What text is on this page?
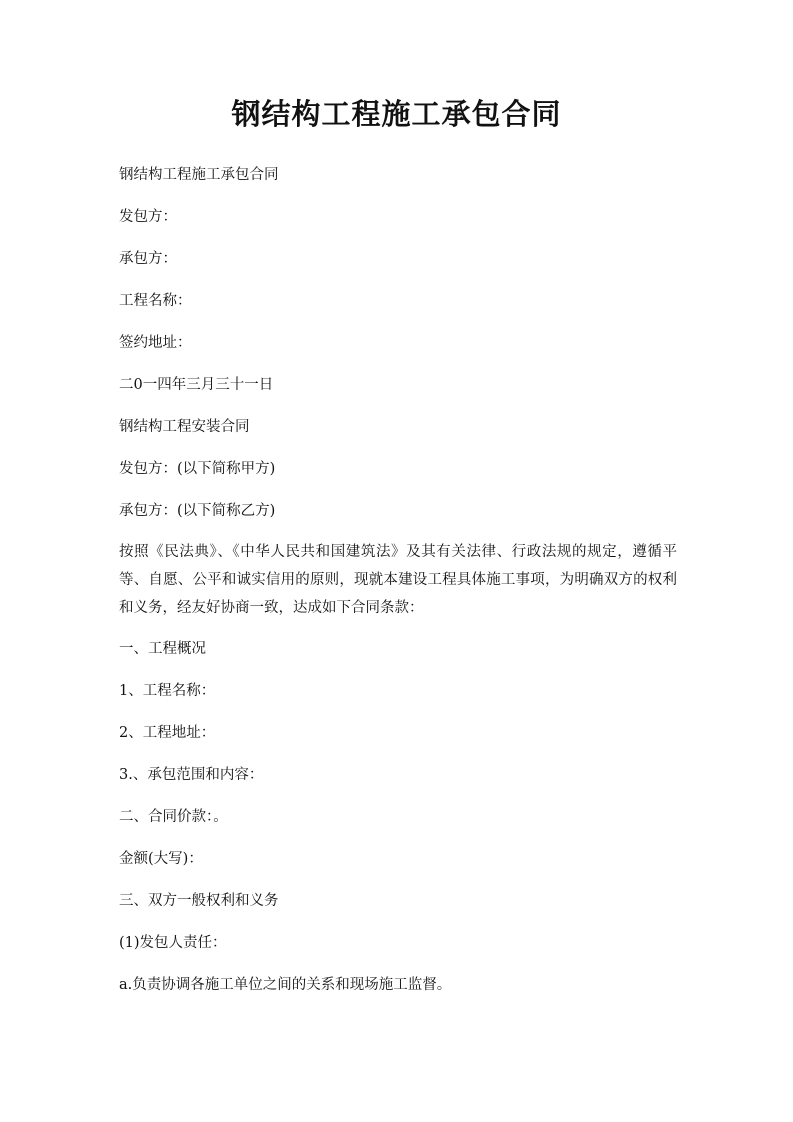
钢结构工程施工承包合同

钢结构工程施工承包合同

发包方：

承包方：

工程名称：

签约地址：

二0一四年三月三十一日

钢结构工程安装合同

发包方：(以下简称甲方)

承包方：(以下简称乙方)

按照《民法典》、《中华人民共和国建筑法》及其有关法律、行政法规的规定，遵循平等、自愿、公平和诚实信用的原则，现就本建设工程具体施工事项，为明确双方的权利和义务，经友好协商一致，达成如下合同条款：

一、工程概况

1、工程名称：

2、工程地址：

3.、承包范围和内容：

二、合同价款：。

金额(大写)：

三、双方一般权利和义务

(1)发包人责任：

a.负责协调各施工单位之间的关系和现场施工监督。
